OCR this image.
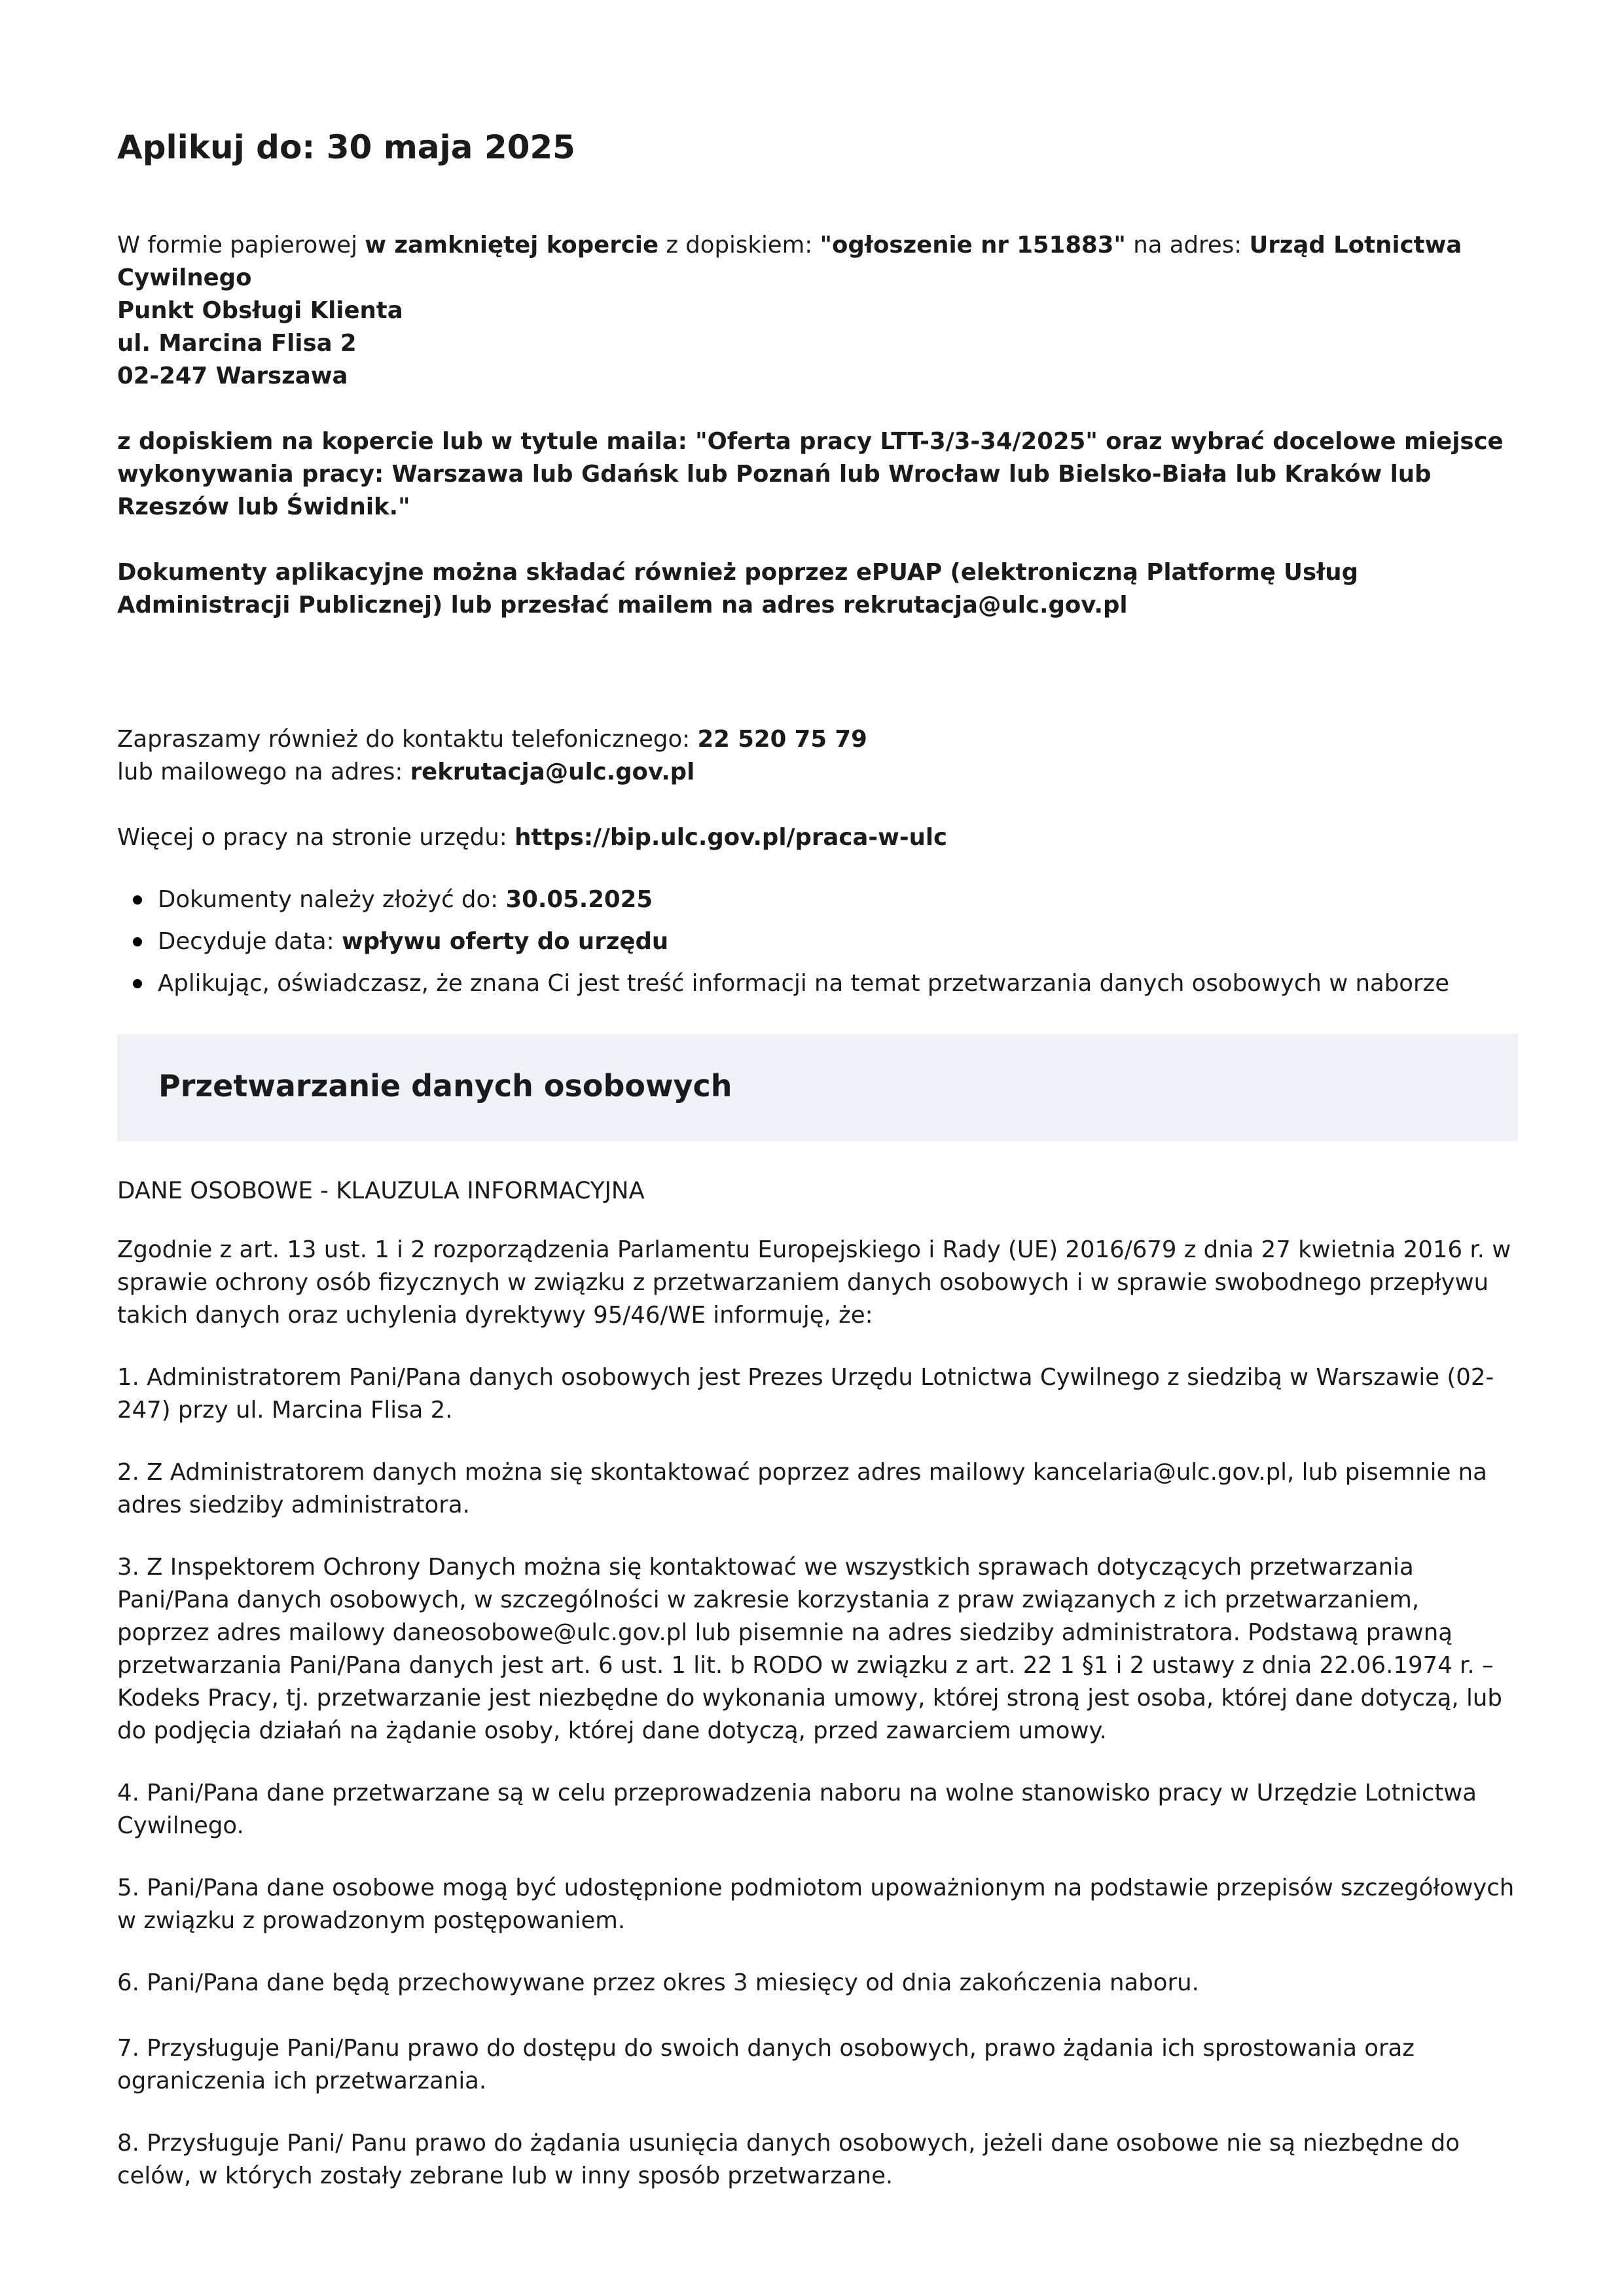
Aplikuj do: 30 maja 2025

W formie papierowej w zamkniętej kopercie z dopiskiem: "ogłoszenie nr 151883" na adres: Urząd Lotnictwa Cywilnego
Punkt Obsługi Klienta
ul. Marcina Flisa 2
02-247 Warszawa

z dopiskiem na kopercie lub w tytule maila: "Oferta pracy LTT-3/3-34/2025" oraz wybrać docelowe miejsce wykonywania pracy: Warszawa lub Gdańsk lub Poznań lub Wrocław lub Bielsko-Biała lub Kraków lub Rzeszów lub Świdnik."

Dokumenty aplikacyjne można składać również poprzez ePUAP (elektroniczną Platformę Usług Administracji Publicznej) lub przesłać mailem na adres rekrutacja@ulc.gov.pl

Zapraszamy również do kontaktu telefonicznego: 22 520 75 79
lub mailowego na adres: rekrutacja@ulc.gov.pl

Więcej o pracy na stronie urzędu: https://bip.ulc.gov.pl/praca-w-ulc

Dokumenty należy złożyć do: 30.05.2025
Decyduje data: wpływu oferty do urzędu
Aplikując, oświadczasz, że znana Ci jest treść informacji na temat przetwarzania danych osobowych w naborze
Przetwarzanie danych osobowych

DANE OSOBOWE - KLAUZULA INFORMACYJNA

Zgodnie z art. 13 ust. 1 i 2 rozporządzenia Parlamentu Europejskiego i Rady (UE) 2016/679 z dnia 27 kwietnia 2016 r. w sprawie ochrony osób fizycznych w związku z przetwarzaniem danych osobowych i w sprawie swobodnego przepływu takich danych oraz uchylenia dyrektywy 95/46/WE informuję, że:

1. Administratorem Pani/Pana danych osobowych jest Prezes Urzędu Lotnictwa Cywilnego z siedzibą w Warszawie (02-247) przy ul. Marcina Flisa 2.

2. Z Administratorem danych można się skontaktować poprzez adres mailowy kancelaria@ulc.gov.pl, lub pisemnie na adres siedziby administratora.

3. Z Inspektorem Ochrony Danych można się kontaktować we wszystkich sprawach dotyczących przetwarzania Pani/Pana danych osobowych, w szczególności w zakresie korzystania z praw związanych z ich przetwarzaniem, poprzez adres mailowy daneosobowe@ulc.gov.pl lub pisemnie na adres siedziby administratora. Podstawą prawną przetwarzania Pani/Pana danych jest art. 6 ust. 1 lit. b RODO w związku z art. 22 1 §1 i 2 ustawy z dnia 22.06.1974 r. – Kodeks Pracy, tj. przetwarzanie jest niezbędne do wykonania umowy, której stroną jest osoba, której dane dotyczą, lub do podjęcia działań na żądanie osoby, której dane dotyczą, przed zawarciem umowy.

4. Pani/Pana dane przetwarzane są w celu przeprowadzenia naboru na wolne stanowisko pracy w Urzędzie Lotnictwa Cywilnego.

5. Pani/Pana dane osobowe mogą być udostępnione podmiotom upoważnionym na podstawie przepisów szczegółowych w związku z prowadzonym postępowaniem.

6. Pani/Pana dane będą przechowywane przez okres 3 miesięcy od dnia zakończenia naboru.

7. Przysługuje Pani/Panu prawo do dostępu do swoich danych osobowych, prawo żądania ich sprostowania oraz ograniczenia ich przetwarzania.

8. Przysługuje Pani/ Panu prawo do żądania usunięcia danych osobowych, jeżeli dane osobowe nie są niezbędne do celów, w których zostały zebrane lub w inny sposób przetwarzane.
